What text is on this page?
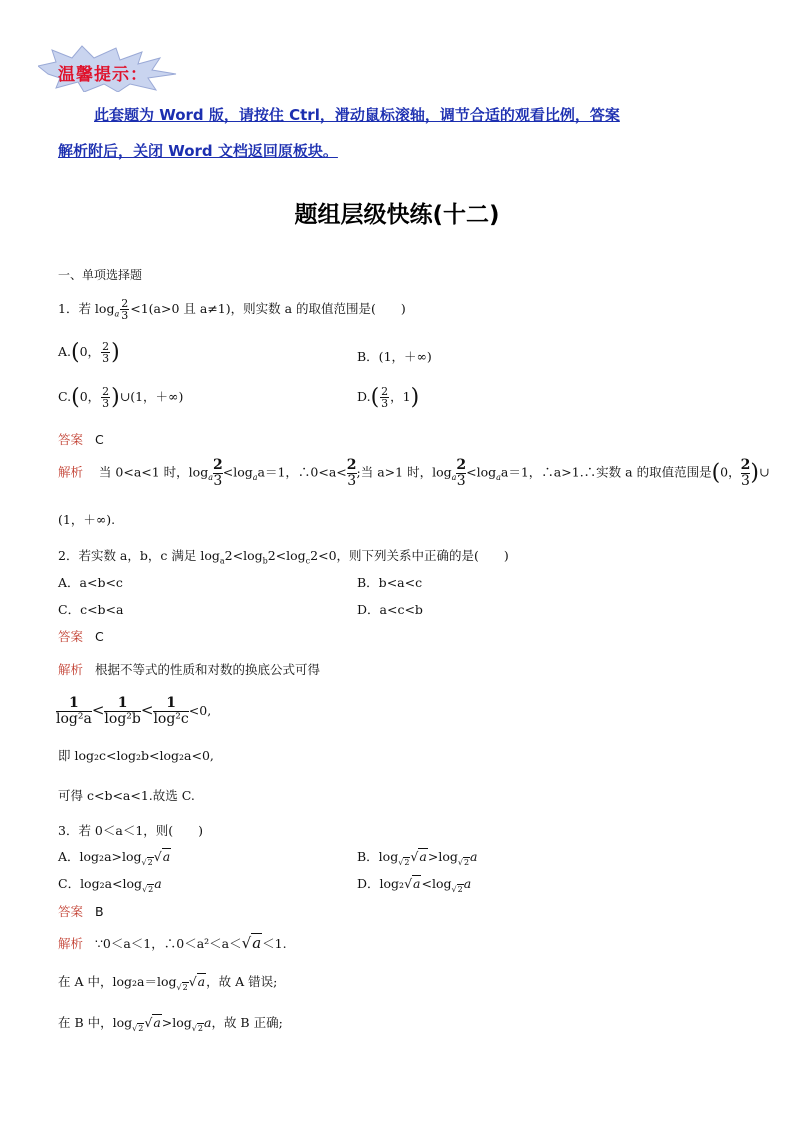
温馨提示：
此套题为 Word 版，请按住 Ctrl，滑动鼠标滚轴，调节合适的观看比例，答案
解析附后，关闭 Word 文档返回原板块。
题组层级快练(十二)
一、单项选择题
1．若 $\log_a \frac{2}{3} <1(a>0$ 且 a≠1)，则实数 a 的取值范围是(　　)
A.(0， $\frac{2}{3}$ )	B．(1，＋∞)
C.(0， $\frac{2}{3}$ )∪(1，＋∞)	$D.( \frac{2}{3}$ ，1)
答案 C
解析 当 0<a<1 时，$\log_a \frac{2}{3} <\log_aa=1$，∴0<a< $\frac{2}{3}$ ;当 a>1 时，$\log_a \frac{2}{3} <\log_aa=1$，∴a>1.∴实数 a 的取值范围是(0， $\frac{2}{3}$ )∪
(1，＋∞).
2．若实数 a，b，c 满足 $\log_a2<\log_b2<\log_c2<0$，则下列关系中正确的是(　　)
A．a<b<c	B．b<a<c
C．c<b<a	D．a<c<b
答案 C
解析 根据不等式的性质和对数的换底公式可得
$\frac{1}{\text{log²a}} < \frac{1}{\text{log²b}} < \frac{1}{\text{log²c}} <0$,
即 log₂c<log₂b<log₂a<0,
可得 c<b<a<1.故选 C.
3．若 0＜a＜1，则(　　)
A．$\log_2a>\log_{√2}√a$	B．$\log_{√2}√a>\log_{√2}a$
C．$\log_2a<\log_{√2}a$	D．$\log_2√a<\log_{√2}a$
答案 B
解析 ∵0＜a＜1，∴0＜a²＜a＜√a＜1.
在 A 中，$\log_2a=\log_{√2}√a$，故 A 错误;
在 B 中，$\log_{√2}√a>\log_{√2}a$，故 B 正确;
